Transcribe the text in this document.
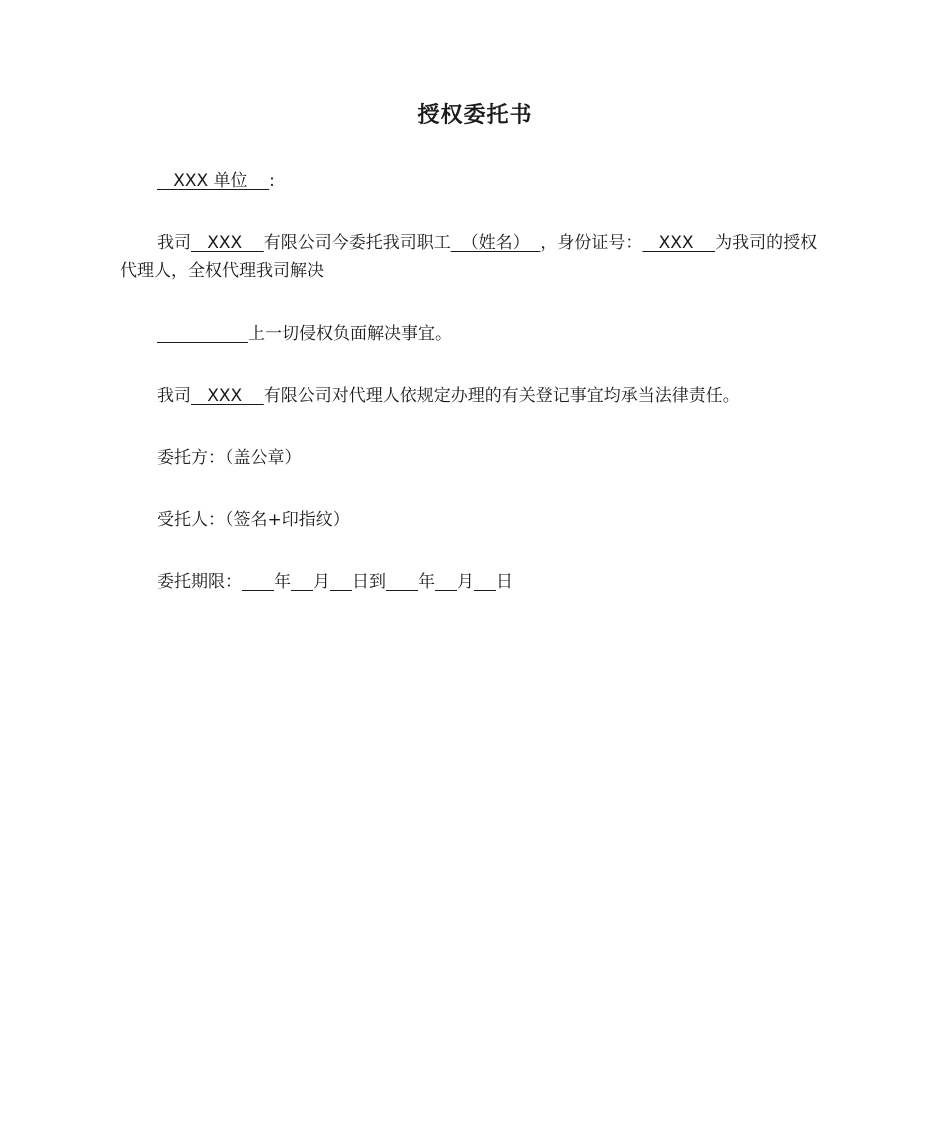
授权委托书
XXX 单位    :
我司   XXX    有限公司今委托我司职工  （姓名）  ，身份证号：   XXX    为我司的授权代理人，全权代理我司解决
上一切侵权负面解决事宜。
我司   XXX    有限公司对代理人依规定办理的有关登记事宜均承当法律责任。
委托方：（盖公章）
受托人：（签名+印指纹）
委托期限： 年 月 日到 年 月 日
